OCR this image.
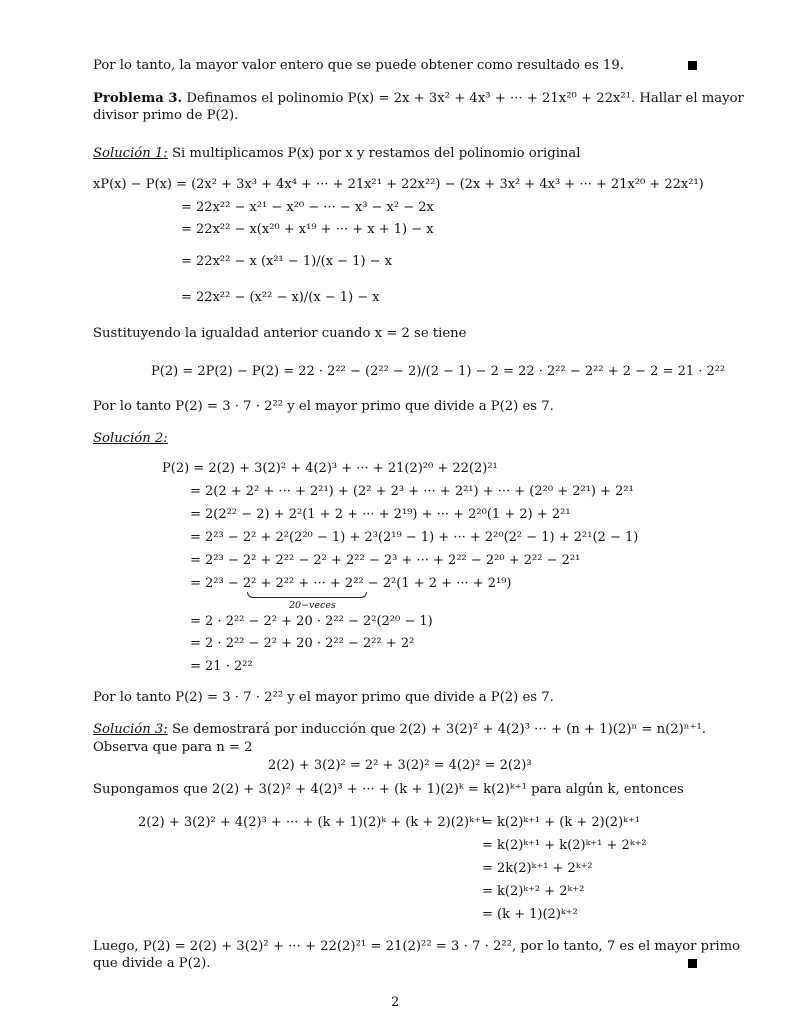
Por lo tanto, la mayor valor entero que se puede obtener como resultado es 19.
Problema 3. Definamos el polinomio P(x) = 2x + 3x² + 4x³ + ··· + 21x²⁰ + 22x²¹. Hallar el mayor
divisor primo de P(2).
Solución 1: Si multiplicamos P(x) por x y restamos del polinomio original
xP(x) − P(x) = (2x² + 3x³ + 4x⁴ + ··· + 21x²¹ + 22x²²) − (2x + 3x² + 4x³ + ··· + 21x²⁰ + 22x²¹)
= 22x²² − x²¹ − x²⁰ − ··· − x³ − x² − 2x
= 22x²² − x(x²⁰ + x¹⁹ + ··· + x + 1) − x
= 22x²² − x (x²¹ − 1)/(x − 1) − x
= 22x²² − (x²² − x)/(x − 1) − x
Sustituyendo la igualdad anterior cuando x = 2 se tiene
P(2) = 2P(2) − P(2) = 22 · 2²² − (2²² − 2)/(2 − 1) − 2 = 22 · 2²² − 2²² + 2 − 2 = 21 · 2²²
Por lo tanto P(2) = 3 · 7 · 2²² y el mayor primo que divide a P(2) es 7.
Solución 2:
P(2) = 2(2) + 3(2)² + 4(2)³ + ··· + 21(2)²⁰ + 22(2)²¹
= 2(2 + 2² + ··· + 2²¹) + (2² + 2³ + ··· + 2²¹) + ··· + (2²⁰ + 2²¹) + 2²¹
= 2(2²² − 2) + 2²(1 + 2 + ··· + 2¹⁹) + ··· + 2²⁰(1 + 2) + 2²¹
= 2²³ − 2² + 2²(2²⁰ − 1) + 2³(2¹⁹ − 1) + ··· + 2²⁰(2² − 1) + 2²¹(2 − 1)
= 2²³ − 2² + 2²² − 2² + 2²² − 2³ + ··· + 2²² − 2²⁰ + 2²² − 2²¹
= 2²³ − 2² + 2²² + ··· + 2²² − 2²(1 + 2 + ··· + 2¹⁹)
20−veces
= 2 · 2²² − 2² + 20 · 2²² − 2²(2²⁰ − 1)
= 2 · 2²² − 2² + 20 · 2²² − 2²² + 2²
= 21 · 2²²
Por lo tanto P(2) = 3 · 7 · 2²² y el mayor primo que divide a P(2) es 7.
Solución 3: Se demostrará por inducción que 2(2) + 3(2)² + 4(2)³ ··· + (n + 1)(2)ⁿ = n(2)ⁿ⁺¹.
Observa que para n = 2
2(2) + 3(2)² = 2² + 3(2)² = 4(2)² = 2(2)³
Supongamos que 2(2) + 3(2)² + 4(2)³ + ··· + (k + 1)(2)ᵏ = k(2)ᵏ⁺¹ para algún k, entonces
2(2) + 3(2)² + 4(2)³ + ··· + (k + 1)(2)ᵏ + (k + 2)(2)ᵏ⁺¹
= k(2)ᵏ⁺¹ + (k + 2)(2)ᵏ⁺¹
= k(2)ᵏ⁺¹ + k(2)ᵏ⁺¹ + 2ᵏ⁺²
= 2k(2)ᵏ⁺¹ + 2ᵏ⁺²
= k(2)ᵏ⁺² + 2ᵏ⁺²
= (k + 1)(2)ᵏ⁺²
Luego, P(2) = 2(2) + 3(2)² + ··· + 22(2)²¹ = 21(2)²² = 3 · 7 · 2²², por lo tanto, 7 es el mayor primo
que divide a P(2).
2
